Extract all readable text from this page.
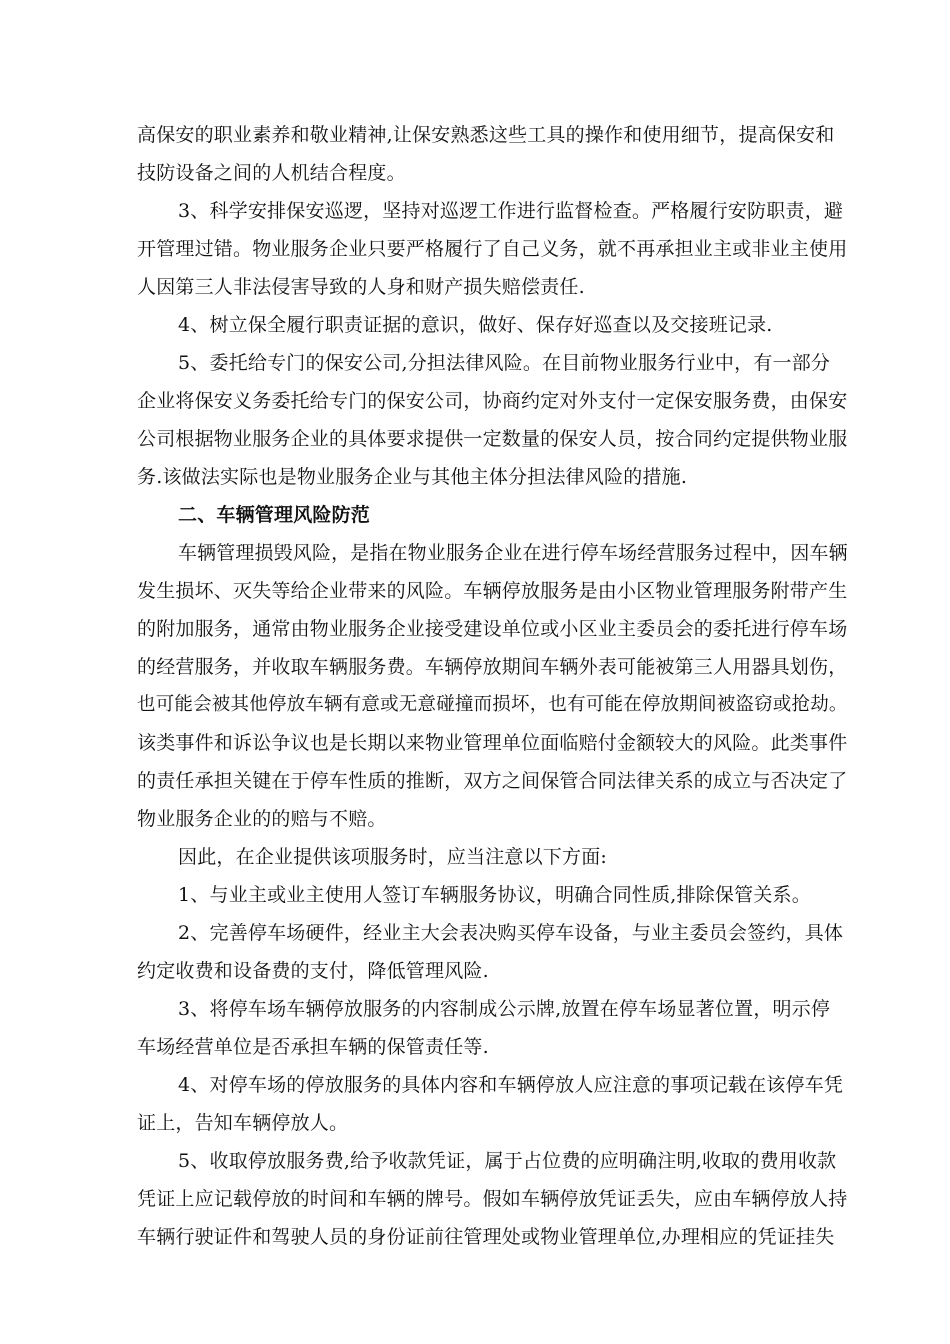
高保安的职业素养和敬业精神,让保安熟悉这些工具的操作和使用细节，提高保安和
技防设备之间的人机结合程度。
3、科学安排保安巡逻，坚持对巡逻工作进行监督检查。严格履行安防职责，避
开管理过错。物业服务企业只要严格履行了自己义务，就不再承担业主或非业主使用
人因第三人非法侵害导致的人身和财产损失赔偿责任.
4、树立保全履行职责证据的意识，做好、保存好巡查以及交接班记录.
5、委托给专门的保安公司,分担法律风险。在目前物业服务行业中，有一部分
企业将保安义务委托给专门的保安公司，协商约定对外支付一定保安服务费，由保安
公司根据物业服务企业的具体要求提供一定数量的保安人员，按合同约定提供物业服
务.该做法实际也是物业服务企业与其他主体分担法律风险的措施.
二、车辆管理风险防范
车辆管理损毁风险，是指在物业服务企业在进行停车场经营服务过程中，因车辆
发生损坏、灭失等给企业带来的风险。车辆停放服务是由小区物业管理服务附带产生
的附加服务，通常由物业服务企业接受建设单位或小区业主委员会的委托进行停车场
的经营服务，并收取车辆服务费。车辆停放期间车辆外表可能被第三人用器具划伤，
也可能会被其他停放车辆有意或无意碰撞而损坏，也有可能在停放期间被盗窃或抢劫。
该类事件和诉讼争议也是长期以来物业管理单位面临赔付金额较大的风险。此类事件
的责任承担关键在于停车性质的推断，双方之间保管合同法律关系的成立与否决定了
物业服务企业的的赔与不赔。
因此，在企业提供该项服务时，应当注意以下方面:
1、与业主或业主使用人签订车辆服务协议，明确合同性质,排除保管关系。
2、完善停车场硬件，经业主大会表决购买停车设备，与业主委员会签约，具体
约定收费和设备费的支付，降低管理风险.
3、将停车场车辆停放服务的内容制成公示牌,放置在停车场显著位置，明示停
车场经营单位是否承担车辆的保管责任等.
4、对停车场的停放服务的具体内容和车辆停放人应注意的事项记载在该停车凭
证上，告知车辆停放人。
5、收取停放服务费,给予收款凭证，属于占位费的应明确注明,收取的费用收款
凭证上应记载停放的时间和车辆的牌号。假如车辆停放凭证丢失，应由车辆停放人持
车辆行驶证件和驾驶人员的身份证前往管理处或物业管理单位,办理相应的凭证挂失
